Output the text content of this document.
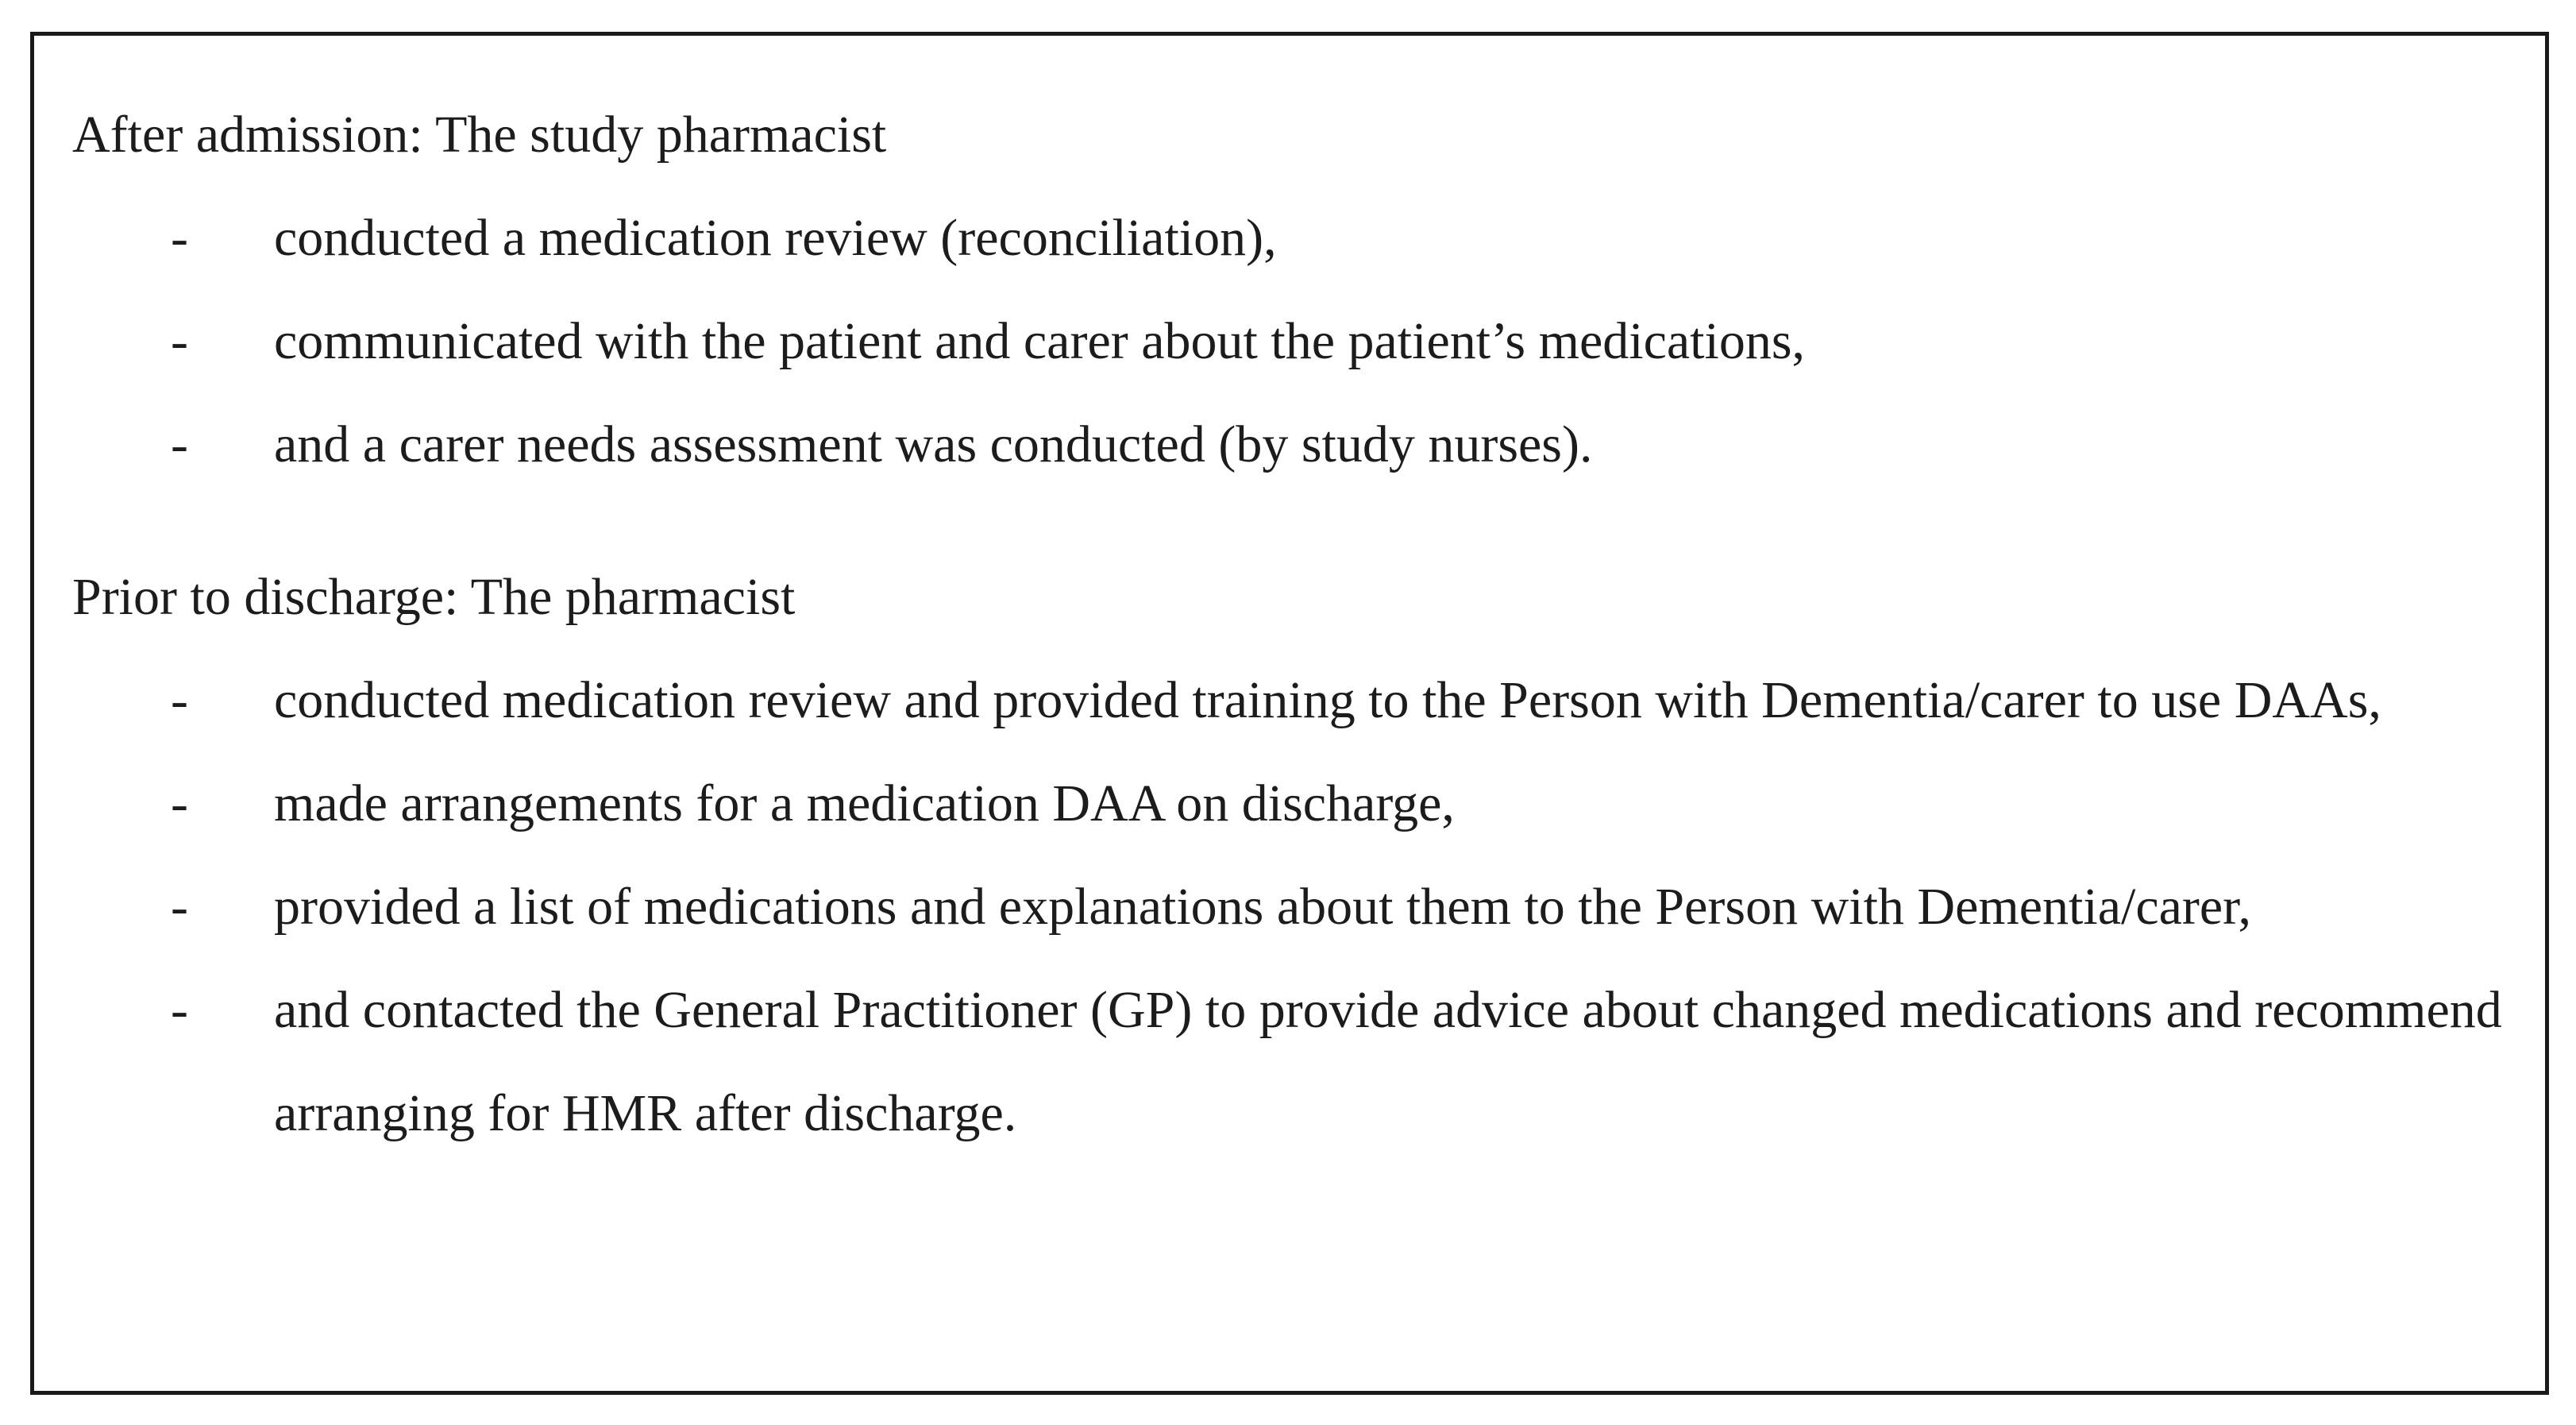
After admission: The study pharmacist

- conducted a medication review (reconciliation),
- communicated with the patient and carer about the patient’s medications,
- and a carer needs assessment was conducted (by study nurses).

Prior to discharge: The pharmacist

- conducted medication review and provided training to the Person with Dementia/carer to use DAAs,
- made arrangements for a medication DAA on discharge,
- provided a list of medications and explanations about them to the Person with Dementia/carer,
- and contacted the General Practitioner (GP) to provide advice about changed medications and recommend arranging for HMR after discharge.
